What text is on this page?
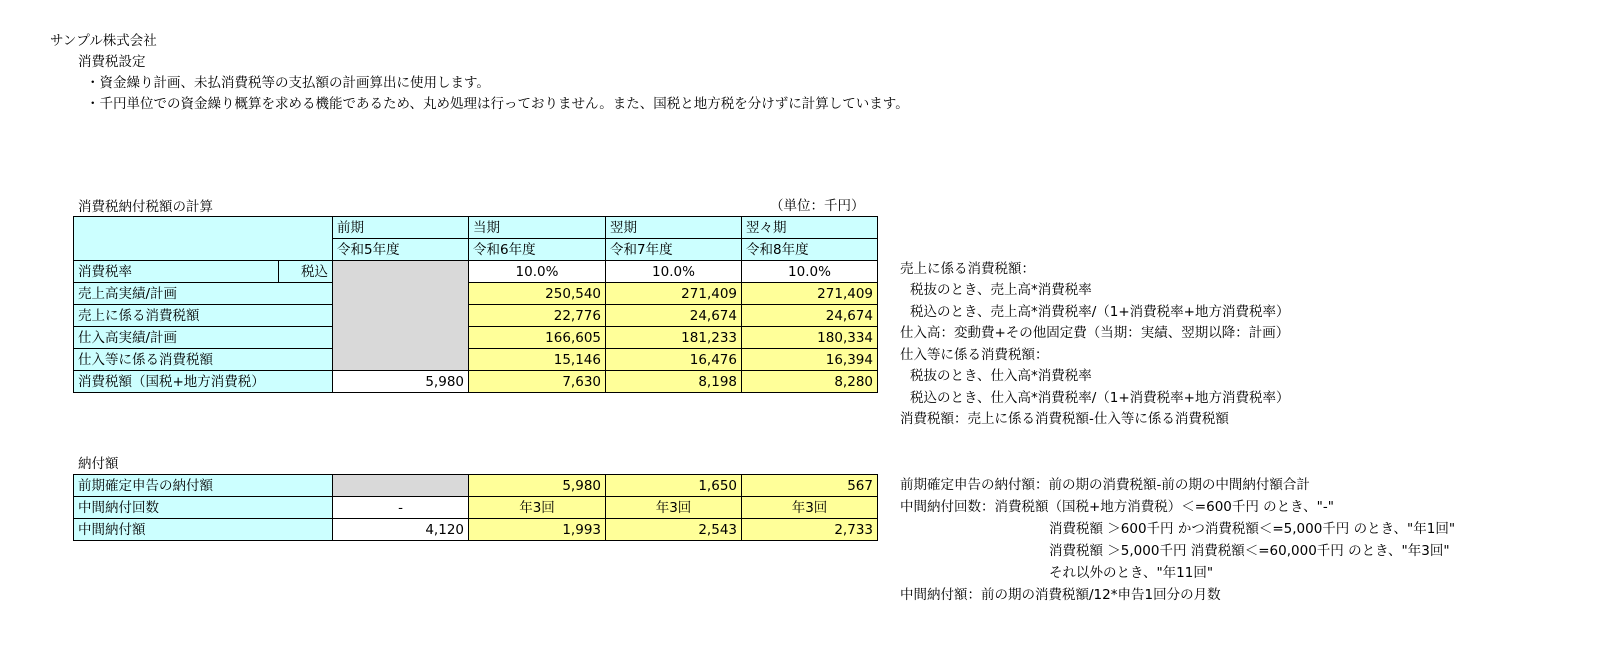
サンプル株式会社
消費税設定
・資金繰り計画、未払消費税等の支払額の計画算出に使用します。
・千円単位での資金繰り概算を求める機能であるため、丸め処理は行っておりません。また、国税と地方税を分けずに計算しています。
消費税納付税額の計算	（単位：千円）
		前期	当期	翌期	翌々期
		令和5年度	令和6年度	令和7年度	令和8年度
消費税率	税込		10.0%	10.0%	10.0%
売上高実績/計画			250,540	271,409	271,409
売上に係る消費税額			22,776	24,674	24,674
仕入高実績/計画			166,605	181,233	180,334
仕入等に係る消費税額			15,146	16,476	16,394
消費税額（国税+地方消費税）		5,980	7,630	8,198	8,280
納付額
前期確定申告の納付額		5,980	1,650	567
中間納付回数	-	年3回	年3回	年3回
中間納付額	4,120	1,993	2,543	2,733
売上に係る消費税額：
税抜のとき、売上高*消費税率
税込のとき、売上高*消費税率/（1+消費税率+地方消費税率）
仕入高：変動費+その他固定費（当期：実績、翌期以降：計画）
仕入等に係る消費税額：
税抜のとき、仕入高*消費税率
税込のとき、仕入高*消費税率/（1+消費税率+地方消費税率）
消費税額：売上に係る消費税額-仕入等に係る消費税額
前期確定申告の納付額：前の期の消費税額-前の期の中間納付額合計
中間納付回数：消費税額（国税+地方消費税）＜=600千円 のとき、"-"
消費税額 ＞600千円 かつ消費税額＜=5,000千円 のとき、"年1回"
消費税額 ＞5,000千円 消費税額＜=60,000千円 のとき、"年3回"
それ以外のとき、"年11回"
中間納付額：前の期の消費税額/12*申告1回分の月数
